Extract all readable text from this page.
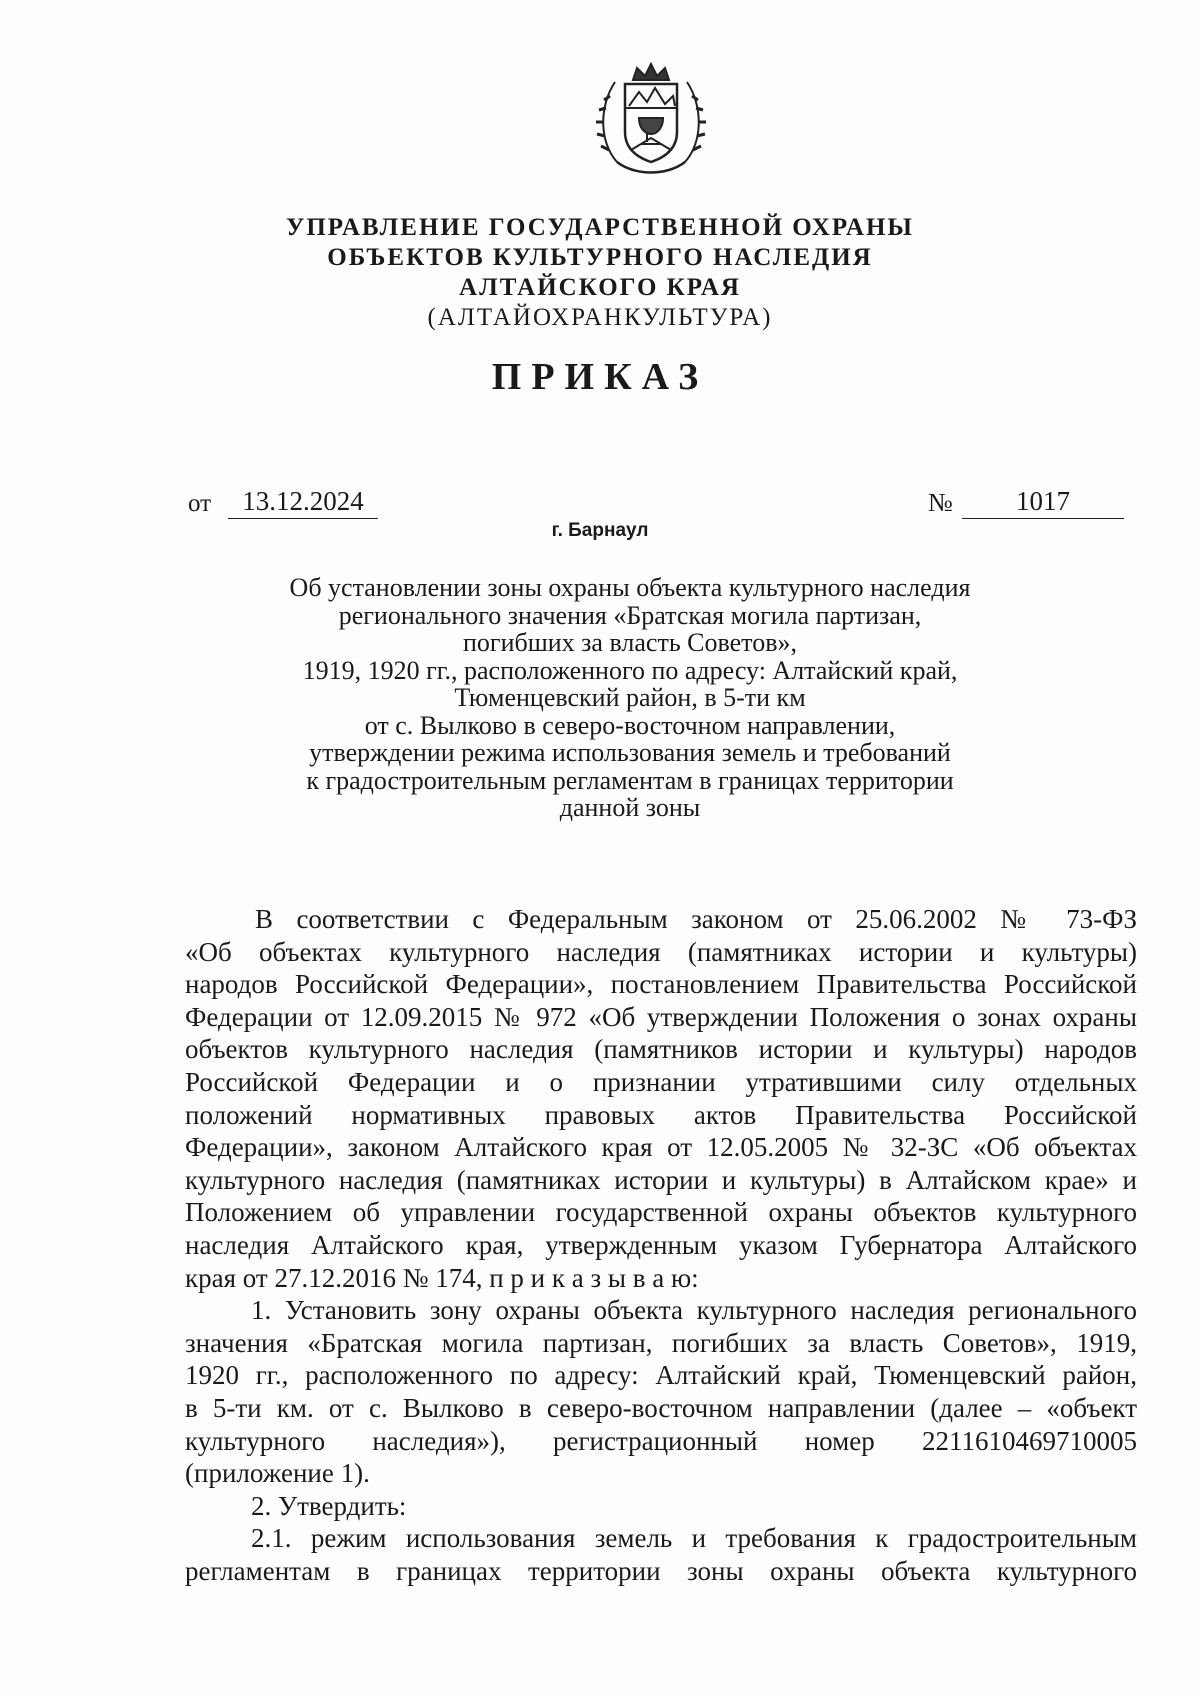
УПРАВЛЕНИЕ ГОСУДАРСТВЕННОЙ ОХРАНЫ
ОБЪЕКТОВ КУЛЬТУРНОГО НАСЛЕДИЯ
АЛТАЙСКОГО КРАЯ
(АЛТАЙОХРАНКУЛЬТУРА)
ПРИКАЗ
от	13.12.2024	№	1017
г. Барнаул
Об установлении зоны охраны объекта культурного наследия
регионального значения «Братская могила партизан,
погибших за власть Советов»,
1919, 1920 гг., расположенного по адресу: Алтайский край,
Тюменцевский район, в 5-ти км
от с. Вылково в северо-восточном направлении,
утверждении режима использования земель и требований
к градостроительным регламентам в границах территории
данной зоны
В соответствии с Федеральным законом от 25.06.2002 № 73-ФЗ
«Об объектах культурного наследия (памятниках истории и культуры)
народов Российской Федерации», постановлением Правительства Российской
Федерации от 12.09.2015 № 972 «Об утверждении Положения о зонах охраны
объектов культурного наследия (памятников истории и культуры) народов
Российской Федерации и о признании утратившими силу отдельных
положений нормативных правовых актов Правительства Российской
Федерации», законом Алтайского края от 12.05.2005 № 32-ЗС «Об объектах
культурного наследия (памятниках истории и культуры) в Алтайском крае» и
Положением об управлении государственной охраны объектов культурного
наследия Алтайского края, утвержденным указом Губернатора Алтайского
края от 27.12.2016 № 174, п р и к а з ы в а ю:
1. Установить зону охраны объекта культурного наследия регионального
значения «Братская могила партизан, погибших за власть Советов», 1919,
1920 гг., расположенного по адресу: Алтайский край, Тюменцевский район,
в 5-ти км. от с. Вылково в северо-восточном направлении (далее – «объект
культурного наследия»), регистрационный номер 221161046971000​5
(приложение 1).
2. Утвердить:
2.1. режим использования земель и требования к градостроительным
регламентам в границах территории зоны охраны объекта культурного
